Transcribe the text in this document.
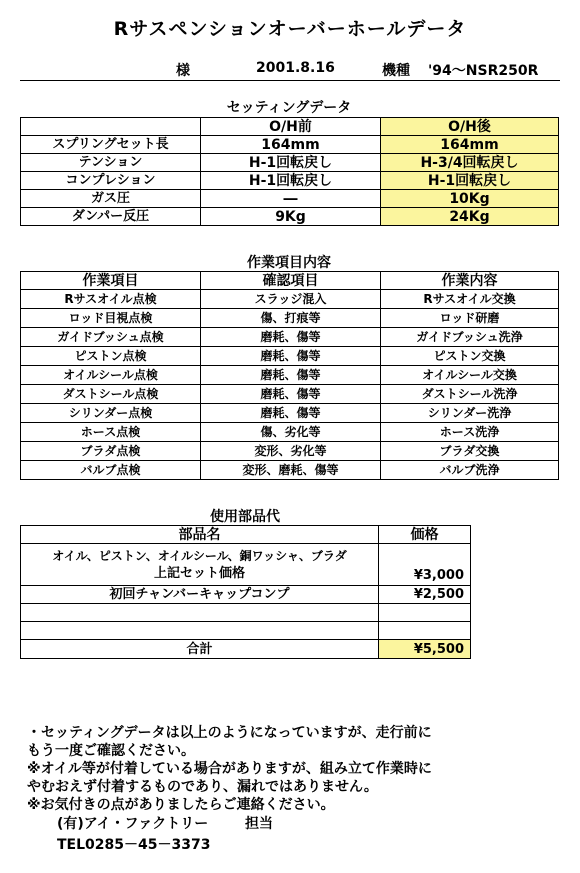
Rサスペンションオーバーホールデータ
様	2001.8.16	機種 '94～NSR250R
セッティングデータ
	O/H前	O/H後
スプリングセット長	164mm	164mm
テンション	H-1回転戻し	H-3/4回転戻し
コンプレション	H-1回転戻し	H-1回転戻し
ガス圧	―	10Kg
ダンパー反圧	9Kg	24Kg
作業項目内容
作業項目	確認項目	作業内容
Rサスオイル点検	スラッジ混入	Rサスオイル交換
ロッド目視点検	傷、打痕等	ロッド研磨
ガイドブッシュ点検	磨耗、傷等	ガイドブッシュ洗浄
ピストン点検	磨耗、傷等	ピストン交換
オイルシール点検	磨耗、傷等	オイルシール交換
ダストシール点検	磨耗、傷等	ダストシール洗浄
シリンダー点検	磨耗、傷等	シリンダー洗浄
ホース点検	傷、劣化等	ホース洗浄
ブラダ点検	変形、劣化等	ブラダ交換
バルブ点検	変形、磨耗、傷等	バルブ洗浄
使用部品代
部品名	価格

オイル、ピストン、オイルシール、銅ワッシャ、ブラダ
上記セット価格	¥3,000
初回チャンバーキャップコンプ	¥2,500

合計	¥5,500
・セッティングデータは以上のようになっていますが、走行前に
もう一度ご確認ください。
※オイル等が付着している場合がありますが、組み立て作業時に
やむおえず付着するものであり、漏れではありません。
※お気付きの点がありましたらご連絡ください。
(有)アイ・ファクトリー	担当
TEL0285－45－3373
